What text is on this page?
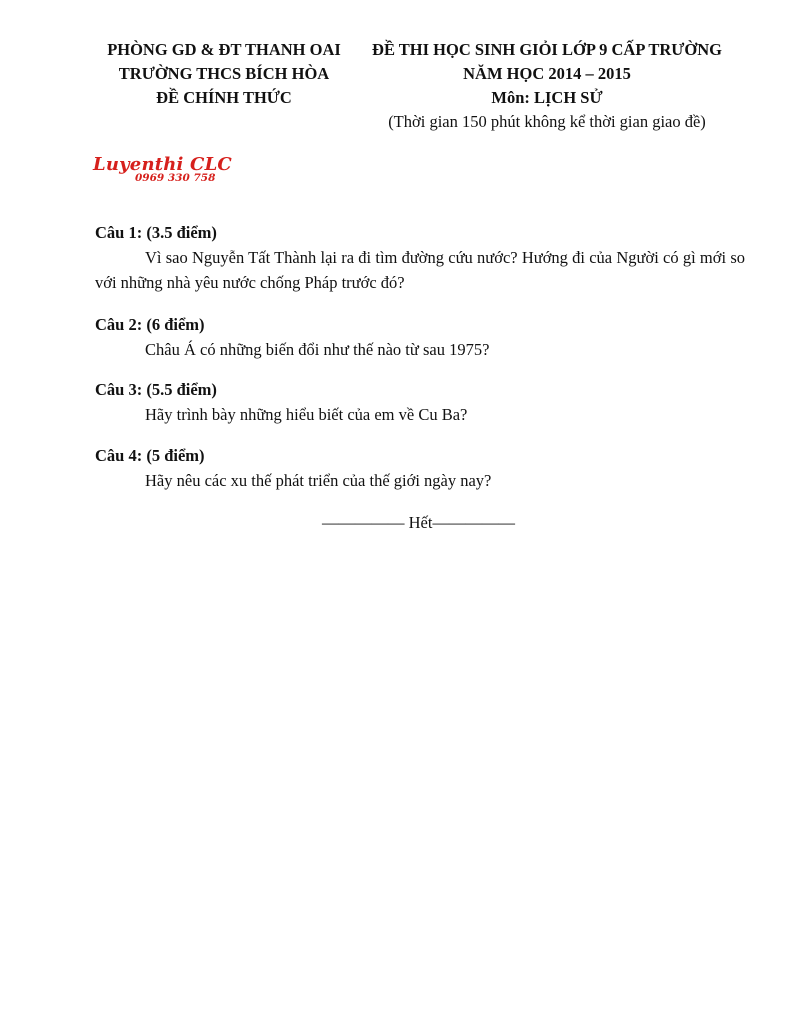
PHÒNG GD & ĐT THANH OAI
TRƯỜNG THCS BÍCH HÒA
ĐỀ CHÍNH THỨC
ĐỀ THI HỌC SINH GIỎI LỚP 9 CẤP TRƯỜNG
NĂM HỌC 2014 – 2015
Môn: LỊCH SỬ
(Thời gian 150 phút không kể thời gian giao đề)
Luyenthi CLC
0969 330 758
Câu 1: (3.5 điểm)
Vì sao Nguyễn Tất Thành lại ra đi tìm đường cứu nước? Hướng đi của Người có gì mới so với những nhà yêu nước chống Pháp trước đó?
Câu 2: (6 điểm)
Châu Á có những biến đổi như thế nào từ sau 1975?
Câu 3: (5.5 điểm)
Hãy trình bày những hiểu biết của em về Cu Ba?
Câu 4: (5 điểm)
Hãy nêu các xu thế phát triển của thế giới ngày nay?
————— Hết—————
